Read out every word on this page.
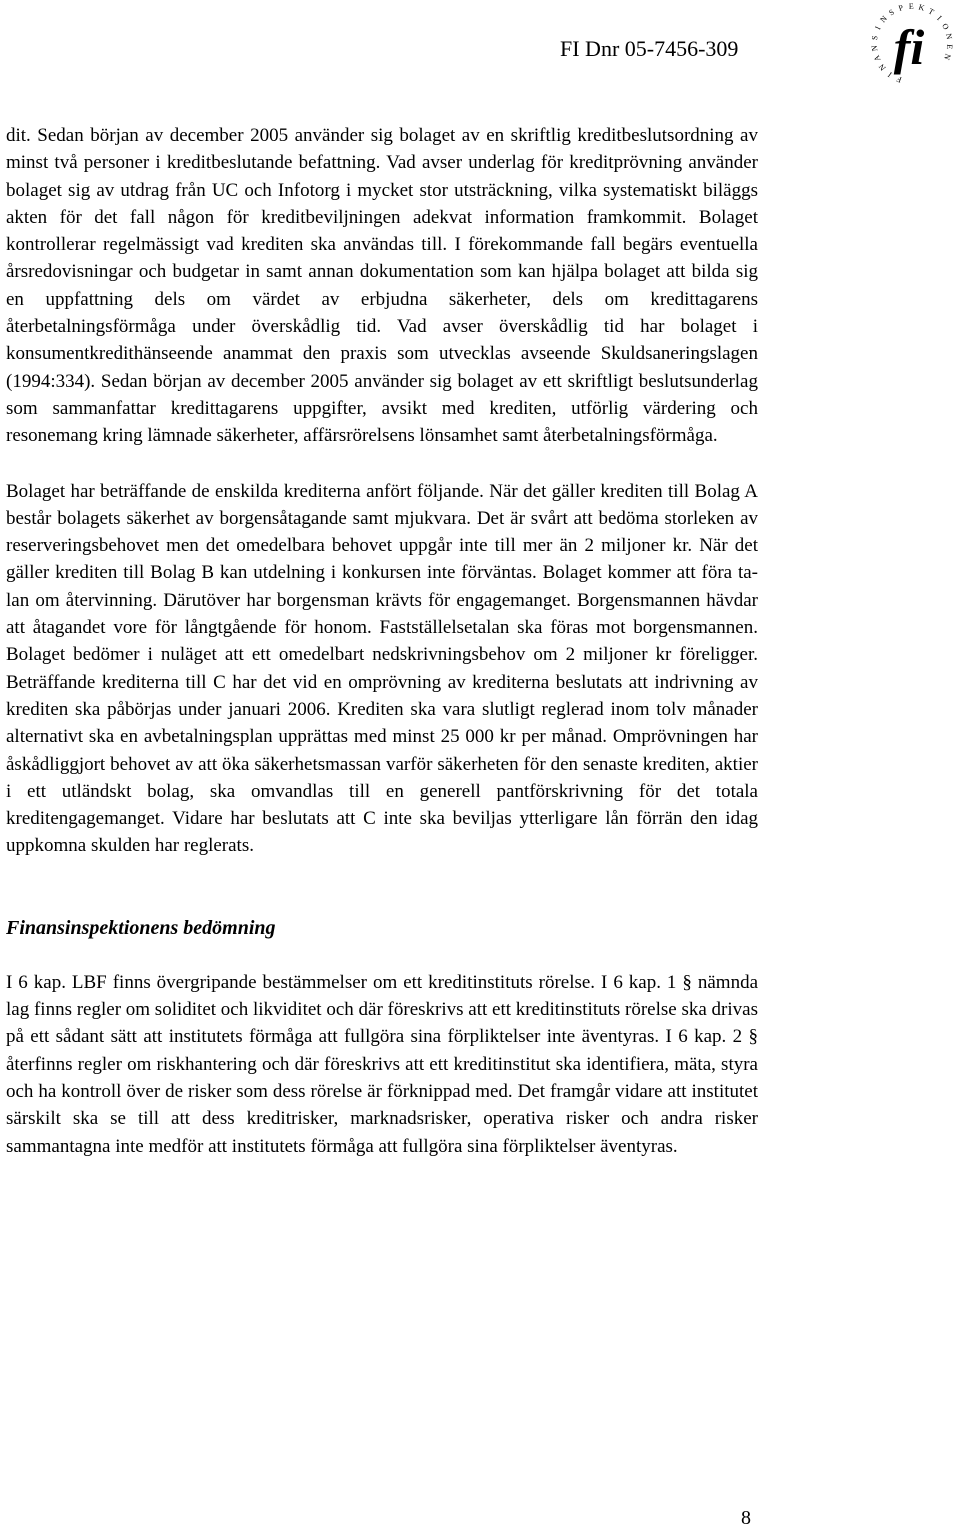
FI Dnr 05-7456-309
F
I
N
A
N
S
I
N
S P E K T
I
O
N
E
N
fi

dit. Sedan början av december 2005 använder sig bolaget av en skriftlig kreditbeslutsordning av minst två personer i kreditbeslutande befattning. Vad avser underlag för kreditprövning använder bolaget sig av utdrag från UC och Infotorg i mycket stor utsträckning, vilka systematiskt biläggs akten för det fall någon för kreditbeviljningen adekvat information framkommit. Bolaget kontrollerar regelmässigt vad krediten ska användas till. I förekommande fall begärs eventuella årsredovisningar och budgetar in samt annan dokumentation som kan hjälpa bolaget att bilda sig en uppfattning dels om värdet av erbjudna säkerheter, dels om kredittagarens återbetalningsförmåga under överskådlig tid. Vad avser överskådlig tid har bolaget i konsumentkredithänseende anammat den praxis som utvecklas avseende Skuldsaneringslagen (1994:334). Sedan början av december 2005 använder sig bolaget av ett skriftligt beslutsunderlag som sammanfattar kredittagarens uppgifter, avsikt med krediten, utförlig värdering och resonemang kring lämnade säkerheter, affärsrörelsens lönsamhet samt återbetalningsförmåga.

Bolaget har beträffande de enskilda krediterna anfört följande. När det gäller krediten till Bolag A består bolagets säkerhet av borgensåtagande samt mjukvara. Det är svårt att bedöma storleken av reserveringsbehovet men det omedelbara behovet uppgår inte till mer än 2 miljoner kr. När det gäller krediten till Bolag B kan utdelning i konkursen inte förväntas. Bolaget kommer att föra talan om återvinning. Därutöver har borgensman krävts för engagemanget. Borgensmannen hävdar att åtagandet vore för långtgående för honom. Fastställelsetalan ska föras mot borgensmannen. Bolaget bedömer i nuläget att ett omedelbart nedskrivningsbehov om 2 miljoner kr föreligger. Beträffande krediterna till C har det vid en omprövning av krediterna beslutats att indrivning av krediten ska påbörjas under januari 2006. Krediten ska vara slutligt reglerad inom tolv månader alternativt ska en avbetalningsplan upprättas med minst 25 000 kr per månad. Omprövningen har åskådliggjort behovet av att öka säkerhetsmassan varför säkerheten för den senaste krediten, aktier i ett utländskt bolag, ska omvandlas till en generell pantförskrivning för det totala kreditengagemanget. Vidare har beslutats att C inte ska beviljas ytterligare lån förrän den idag uppkomna skulden har reglerats.

Finansinspektionens bedömning

I 6 kap. LBF finns övergripande bestämmelser om ett kreditinstituts rörelse. I 6 kap. 1 § nämnda lag finns regler om soliditet och likviditet och där föreskrivs att ett kreditinstituts rörelse ska drivas på ett sådant sätt att institutets förmåga att fullgöra sina förpliktelser inte äventyras. I 6 kap. 2 § återfinns regler om riskhantering och där föreskrivs att ett kreditinstitut ska identifiera, mäta, styra och ha kontroll över de risker som dess rörelse är förknippad med. Det framgår vidare att institutet särskilt ska se till att dess kreditrisker, marknadsrisker, operativa risker och andra risker sammantagna inte medför att institutets förmåga att fullgöra sina förpliktelser äventyras.

8
